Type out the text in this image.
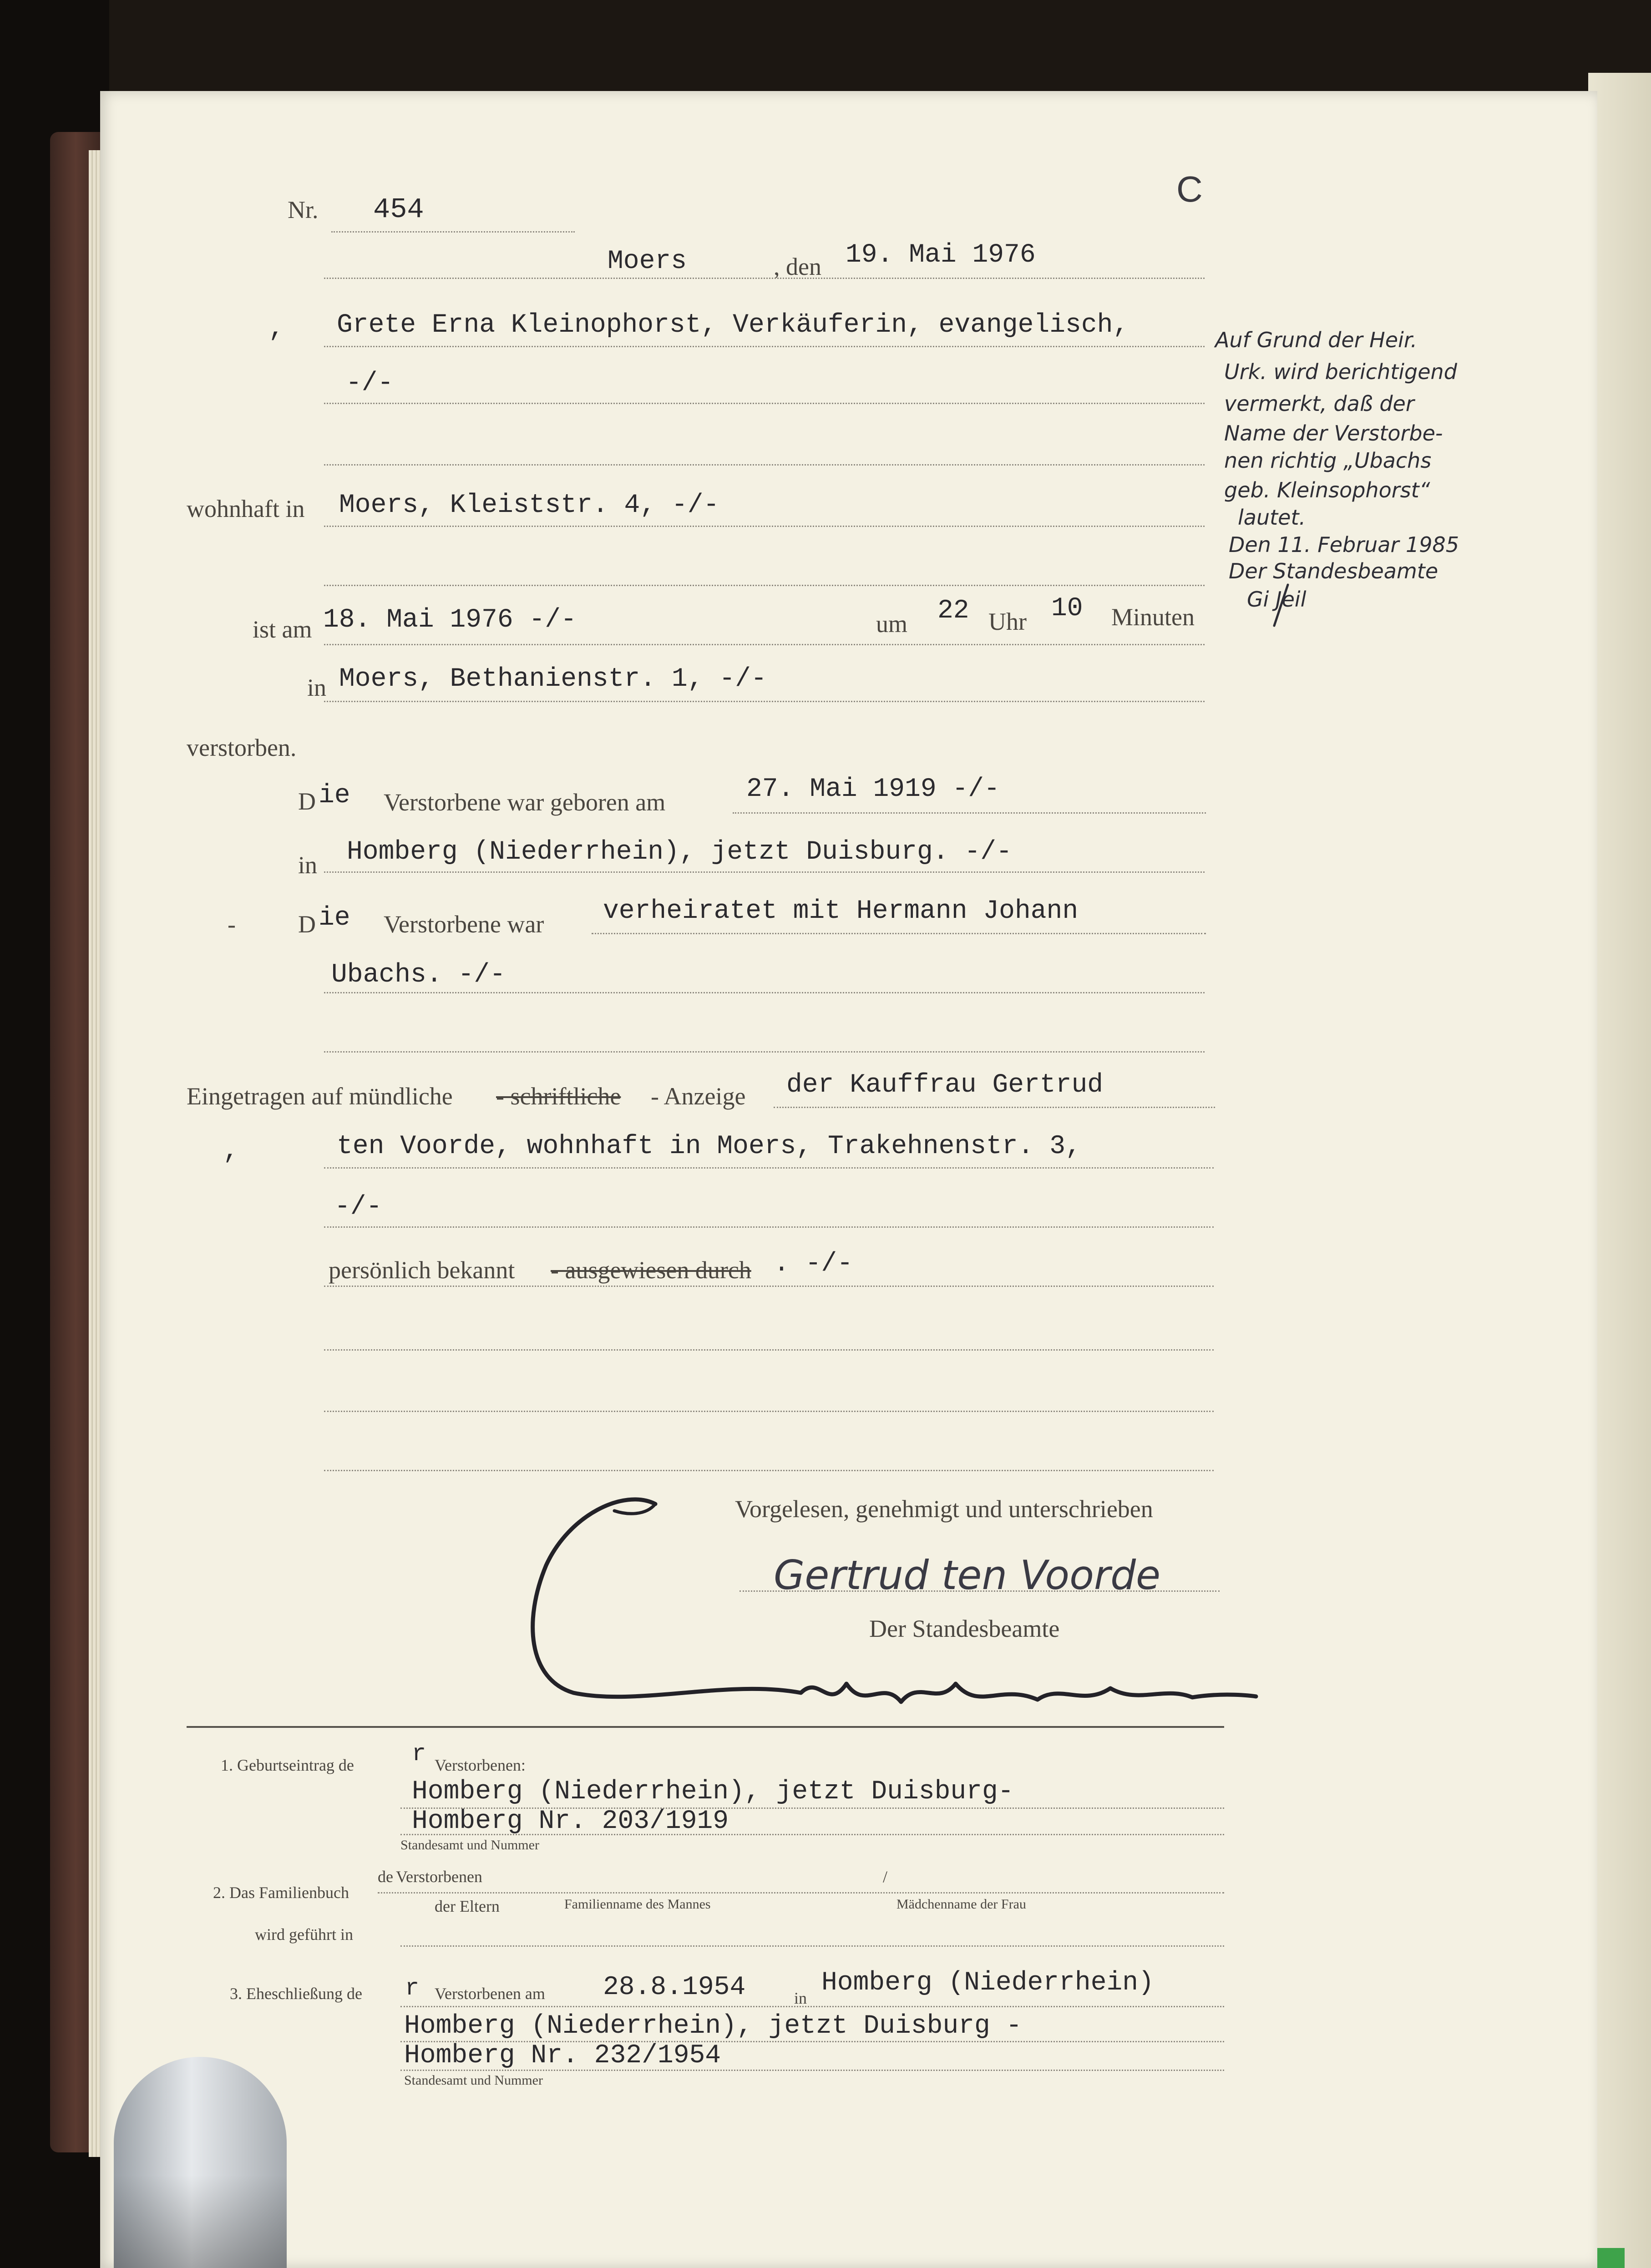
Nr. 454
C
Moers	, den 19. Mai 1976
, Grete Erna Kleinophorst, Verkäuferin, evangelisch,
-/-
wohnhaft in Moers, Kleiststr. 4, -/-
ist am 18. Mai 1976 -/-	um 22 Uhr 10 Minuten
in Moers, Bethanienstr. 1, -/-
verstorben.
D ie Verstorbene war geboren am	27. Mai 1919 -/-
in Homberg (Niederrhein), jetzt Duisburg. -/-
-	D ie Verstorbene war verheiratet mit Hermann Johann
Ubachs. -/-
Eingetragen auf mündliche - schriftliche - Anzeige der Kauffrau Gertrud
,	ten Voorde, wohnhaft in Moers, Trakehnenstr. 3,
-/-
persönlich bekannt - ausgewiesen durch . -/-
Auf Grund der Heir.
Urk. wird berichtigend
vermerkt, daß der
Name der Verstorbe-
nen richtig „Ubachs
geb. Kleinsophorst“
lautet.
Den 11. Februar 1985
Der Standesbeamte
Gi Jeil
Vorgelesen, genehmigt und unterschrieben
Gertrud ten Voorde
Der Standesbeamte
1. Geburtseintrag de r Verstorbenen:
Homberg (Niederrhein), jetzt Duisburg-
Homberg Nr. 203/1919
Standesamt und Nummer
de Verstorbenen
2. Das Familienbuch
der Eltern	Familienname des Mannes
/
Mädchenname der Frau
wird geführt in
3. Eheschließung de r Verstorbenen am 28.8.1954	in
Homberg (Niederrhein)
Homberg (Niederrhein), jetzt Duisburg -
Homberg Nr. 232/1954
Standesamt und Nummer
